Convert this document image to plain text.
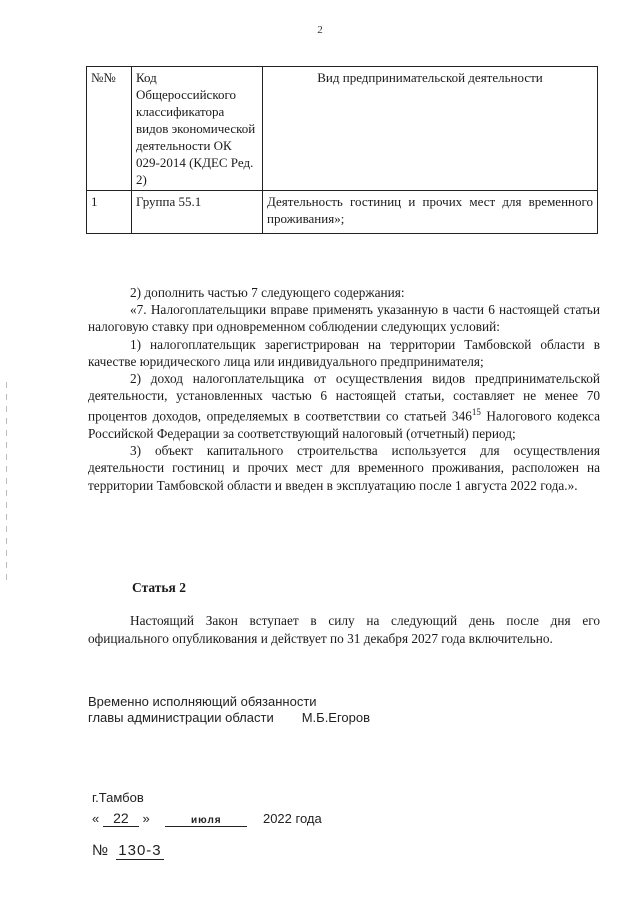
2
№№	Код Общероссийского классификатора видов экономической деятельности ОК 029-2014 (КДЕС Ред. 2)	Вид предпринимательской деятельности
1	Группа 55.1	Деятельность гостиниц и прочих мест для временного проживания»;

2) дополнить частью 7 следующего содержания:

«7. Налогоплательщики вправе применять указанную в части 6 настоящей статьи налоговую ставку при одновременном соблюдении следующих условий:

1) налогоплательщик зарегистрирован на территории Тамбовской области в качестве юридического лица или индивидуального предпринимателя;

2) доход налогоплательщика от осуществления видов предпринимательской деятельности, установленных частью 6 настоящей статьи, составляет не менее 70 процентов доходов, определяемых в соответствии со статьей $346^{15}$ Налогового кодекса Российской Федерации за соответствующий налоговый (отчетный) период;

3) объект капитального строительства используется для осуществления деятельности гостиниц и прочих мест для временного проживания, расположен на территории Тамбовской области и введен в эксплуатацию после 1 августа 2022 года.».

Статья 2

Настоящий Закон вступает в силу на следующий день после дня его официального опубликования и действует по 31 декабря 2027 года включительно.

Временно исполняющий обязанности
главы администрации области М.Б.Егоров
г.Тамбов
« 22 »	июля	2022 года
№ 130-3
